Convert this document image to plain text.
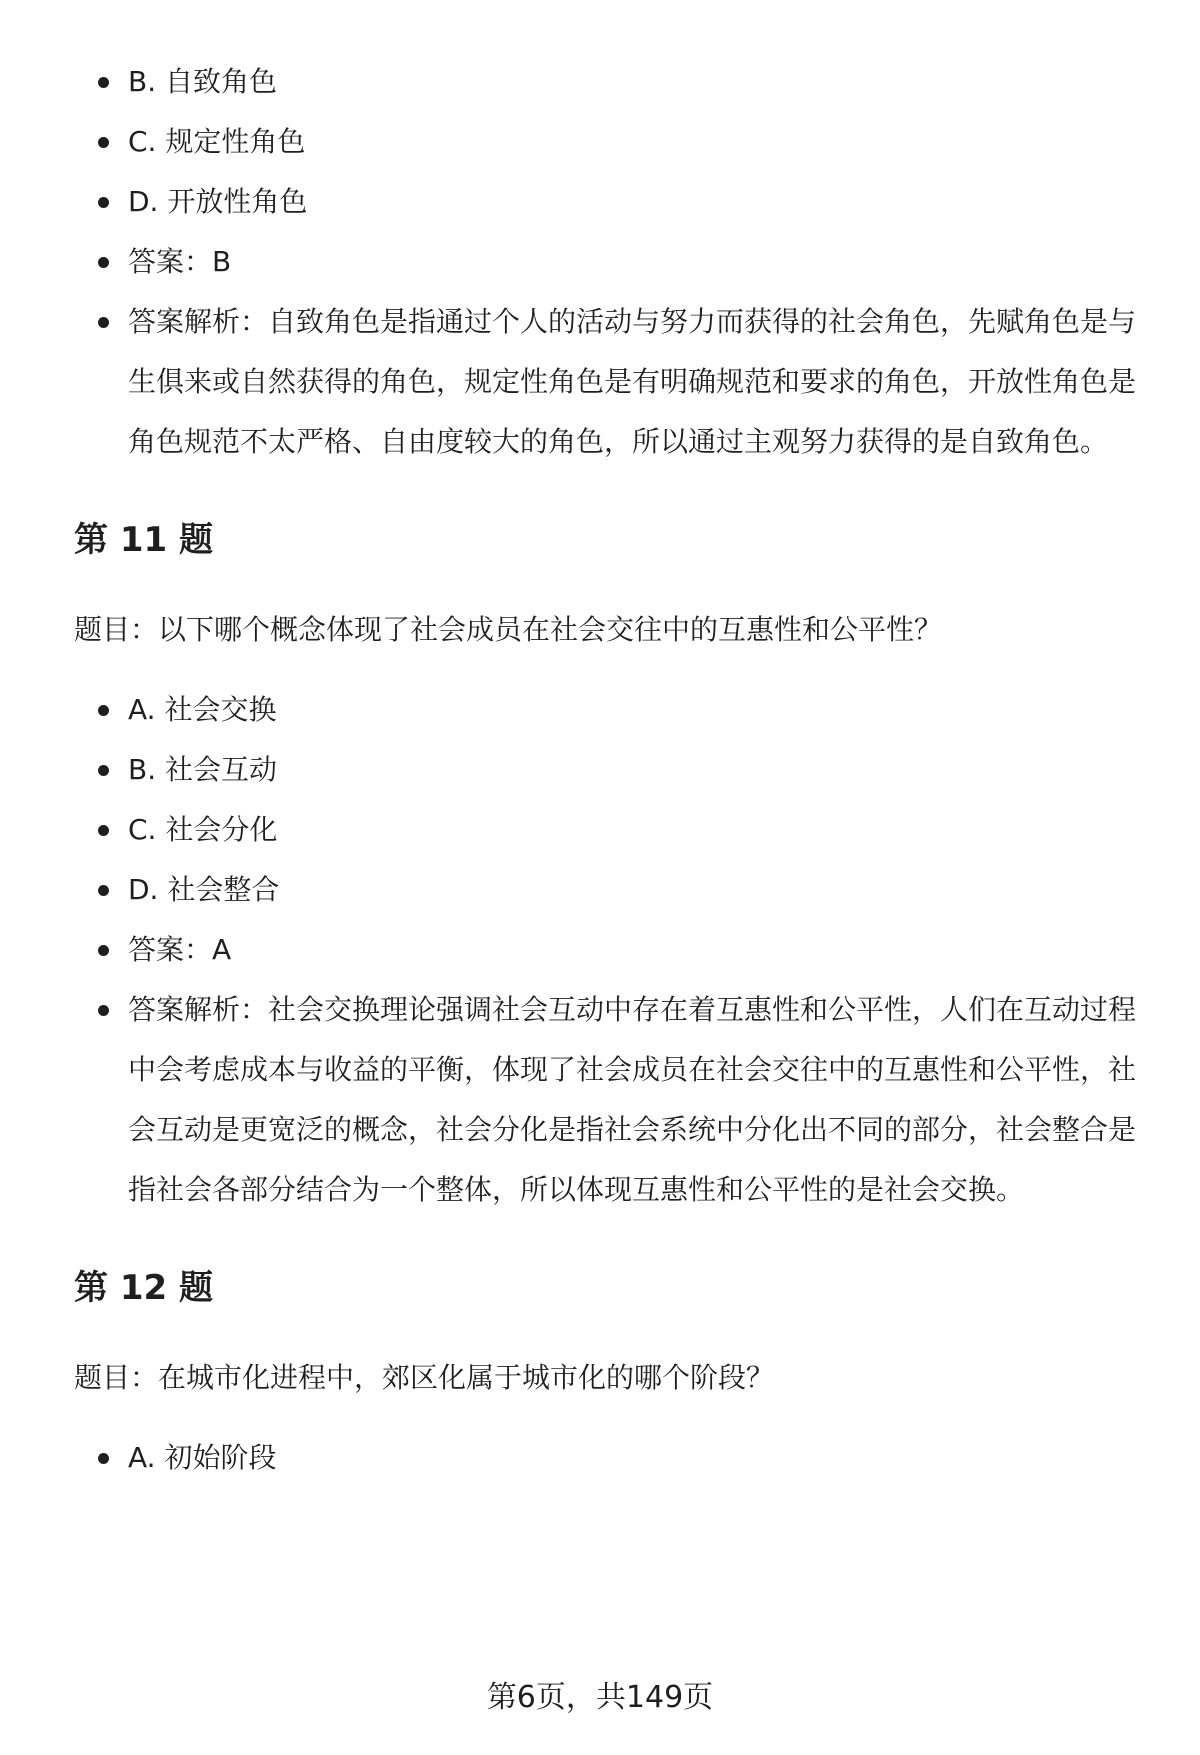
B. 自致角色
C. 规定性角色
D. 开放性角色
答案：B
答案解析：自致角色是指通过个人的活动与努力而获得的社会角色，先赋角色是与生俱来或自然获得的角色，规定性角色是有明确规范和要求的角色，开放性角色是角色规范不太严格、自由度较大的角色，所以通过主观努力获得的是自致角色。
第 11 题

题目：以下哪个概念体现了社会成员在社会交往中的互惠性和公平性？

A. 社会交换
B. 社会互动
C. 社会分化
D. 社会整合
答案：A
答案解析：社会交换理论强调社会互动中存在着互惠性和公平性，人们在互动过程中会考虑成本与收益的平衡，体现了社会成员在社会交往中的互惠性和公平性，社会互动是更宽泛的概念，社会分化是指社会系统中分化出不同的部分，社会整合是指社会各部分结合为一个整体，所以体现互惠性和公平性的是社会交换。
第 12 题

题目：在城市化进程中，郊区化属于城市化的哪个阶段？

A. 初始阶段
第6页，共149页
